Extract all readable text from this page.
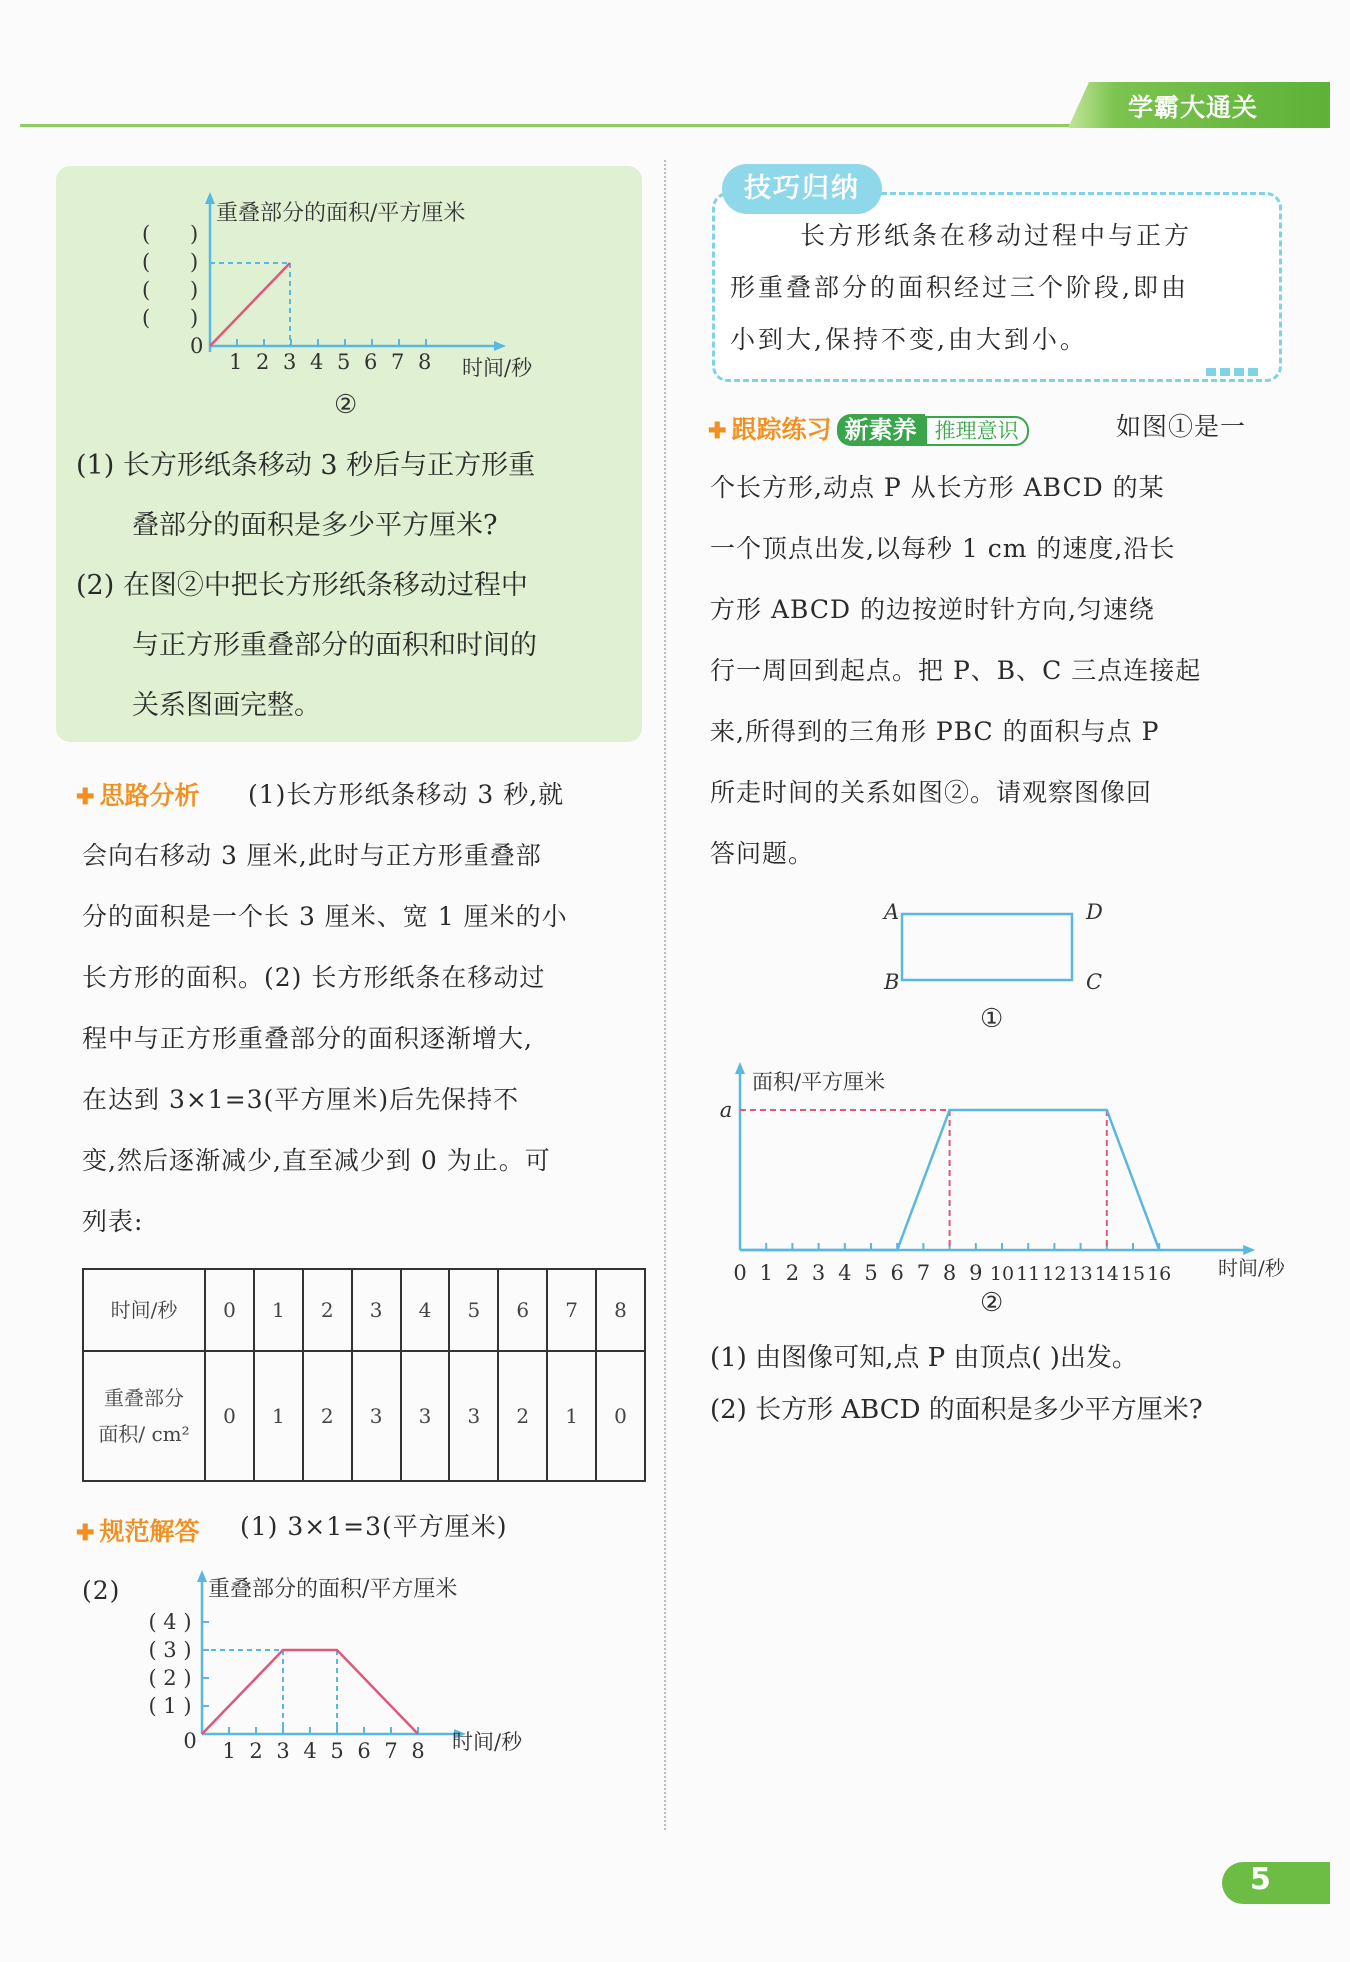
学霸大通关
重叠部分的面积/平方厘米
( )
( )
( )
( )
0
1 2 3 4 5 6 7 8 时间/秒
②
(1) 长方形纸条移动 3 秒后与正方形重
叠部分的面积是多少平方厘米?
(2) 在图②中把长方形纸条移动过程中
与正方形重叠部分的面积和时间的
关系图画完整。
✚ 思路分析 (1)长方形纸条移动 3 秒,就
会向右移动 3 厘米,此时与正方形重叠部
分的面积是一个长 3 厘米、宽 1 厘米的小
长方形的面积。(2) 长方形纸条在移动过
程中与正方形重叠部分的面积逐渐增大,
在达到 3×1=3(平方厘米)后先保持不
变,然后逐渐减少,直至减少到 0 为止。可
列表:
时间/秒	0	1	2	3	4	5	6	7	8

重叠部分
面积/ cm²	0	1	2	3	3	3	2	1	0
✚ 规范解答 (1) 3×1=3(平方厘米)
(2)
1 2 3 4 5 6 7 8
( 4 )
( 3 )
( 2 )
( 1 )
0
重叠部分的面积/平方厘米
时间/秒
技巧归纳
长方形纸条在移动过程中与正方
形重叠部分的面积经过三个阶段,即由
小到大,保持不变,由大到小。
✚ 跟踪练习 新素养 推理意识	如图①是一
个长方形,动点 P 从长方形 ABCD 的某
一个顶点出发,以每秒 1 cm 的速度,沿长
方形 ABCD 的边按逆时针方向,匀速绕
行一周回到起点。把 P、B、C 三点连接起
来,所得到的三角形 PBC 的面积与点 P
所走时间的关系如图②。请观察图像回
答问题。
A	D
B	C
①
0 1 2 3 4 5 6 7 8 9 10 11 12 13 14 15 16
a
面积/平方厘米
时间/秒
②
(1) 由图像可知,点 P 由顶点( )出发。
(2) 长方形 ABCD 的面积是多少平方厘米?
5
